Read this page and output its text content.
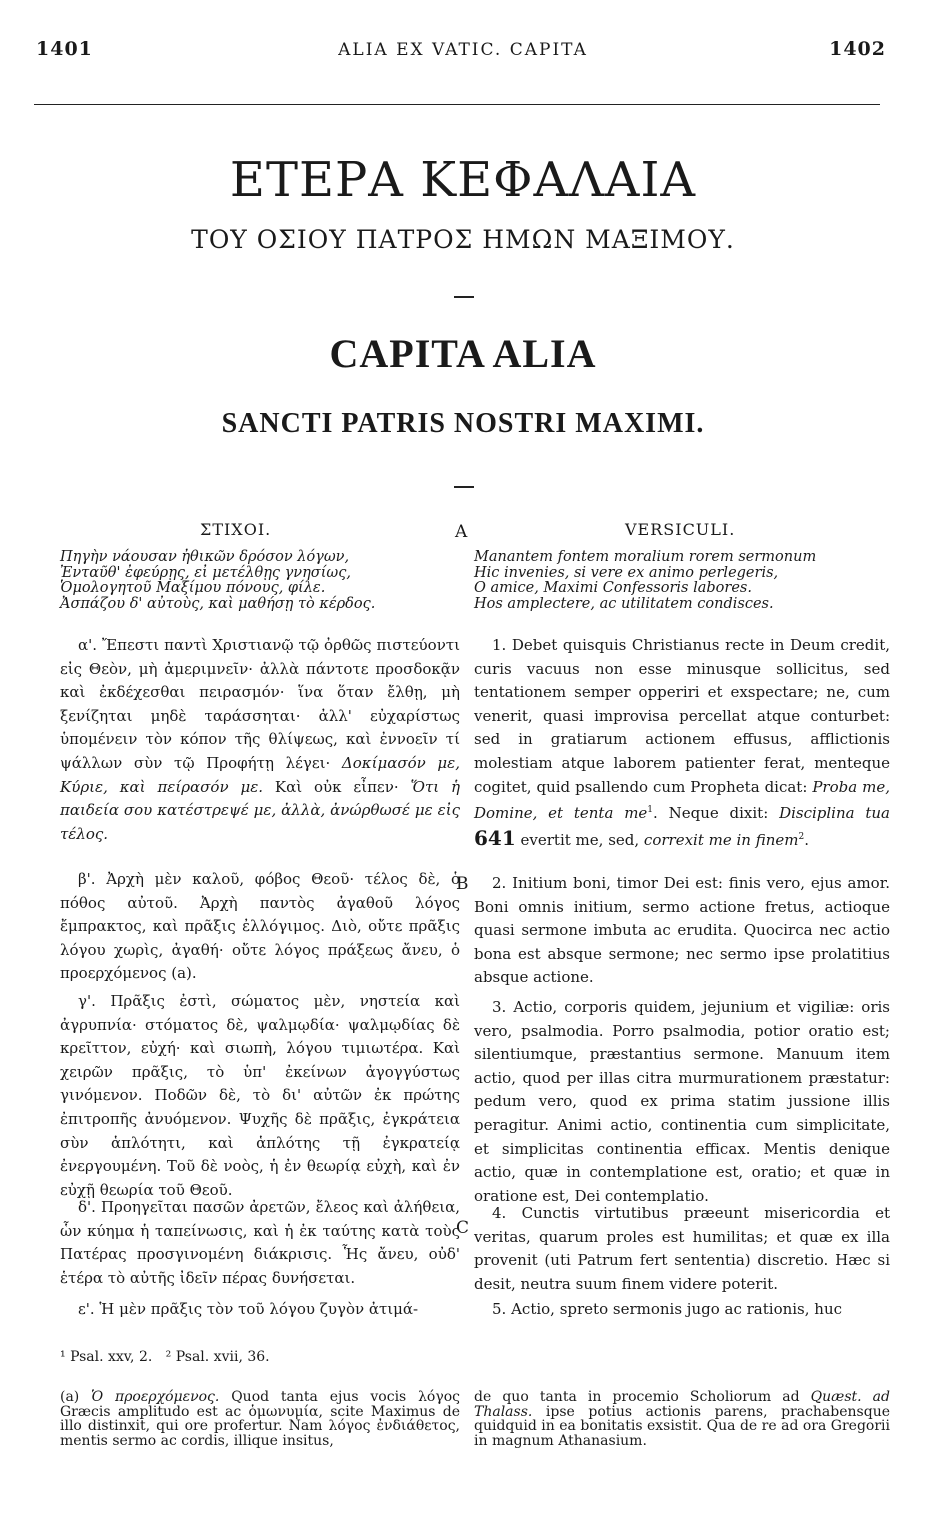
1401	ALIA EX VATIC. CAPITA	1402
ΕΤΕΡΑ ΚΕΦΑΛΑΙΑ
ΤΟΥ ΟΣΙΟΥ ΠΑΤΡΟΣ ΗΜΩΝ ΜΑΞΙΜΟΥ.
CAPITA ALIA
SANCTI PATRIS NOSTRI MAXIMI.
ΣΤΙΧΟΙ.	A	VERSICULI.
Πηγὴν νάουσαν ἠθικῶν δρόσον λόγων,
Ἐνταῦθ' ἐφεύρῃς, εἰ μετέλθῃς γνησίως,
Ὁμολογητοῦ Μαξίμου πόνους, φίλε.
Ἀσπάζου δ' αὐτοὺς, καὶ μαθήσῃ τὸ κέρδος.
Manantem fontem moralium rorem sermonum
Hic invenies, si vere ex animo perlegeris,
O amice, Maximi Confessoris labores.
Hos amplectere, ac utilitatem condisces.
α'. Ἔπεστι παντὶ Χριστιανῷ τῷ ὀρθῶς πιστεύοντι εἰς Θεὸν, μὴ ἀμεριμνεῖν· ἀλλὰ πάντοτε προσδοκᾷν καὶ ἐκδέχεσθαι πειρασμόν· ἵνα ὅταν ἔλθῃ, μὴ ξενίζηται μηδὲ ταράσσηται· ἀλλ' εὐχαρίστως ὑπομένειν τὸν κόπον τῆς θλίψεως, καὶ ἐννοεῖν τί ψάλλων σὺν τῷ Προφήτῃ λέγει· Δοκίμασόν με, Κύριε, καὶ πείρασόν με. Καὶ οὐκ εἶπεν· Ὅτι ἡ παιδεία σου κατέστρεψέ με, ἀλλὰ, ἀνώρθωσέ με εἰς τέλος.
β'. Ἀρχὴ μὲν καλοῦ, φόβος Θεοῦ· τέλος δὲ, ὁ πόθος αὐτοῦ. Ἀρχὴ παντὸς ἀγαθοῦ λόγος ἔμπρακτος, καὶ πρᾶξις ἐλλόγιμος. Διὸ, οὔτε πρᾶξις λόγου χωρὶς, ἀγαθή· οὔτε λόγος πράξεως ἄνευ, ὁ προερχόμενος (a).
γ'. Πρᾶξις ἐστὶ, σώματος μὲν, νηστεία καὶ ἀγρυπνία· στόματος δὲ, ψαλμῳδία· ψαλμῳδίας δὲ κρεῖττον, εὐχή· καὶ σιωπὴ, λόγου τιμιωτέρα. Καὶ χειρῶν πρᾶξις, τὸ ὑπ' ἐκείνων ἀγογγύστως γινόμενον. Ποδῶν δὲ, τὸ δι' αὐτῶν ἐκ πρώτης ἐπιτροπῆς ἀνυόμενον. Ψυχῆς δὲ πρᾶξις, ἐγκράτεια σὺν ἁπλότητι, καὶ ἁπλότης τῇ ἐγκρατείᾳ ἐνεργουμένη. Τοῦ δὲ νοὸς, ἡ ἐν θεωρίᾳ εὐχὴ, καὶ ἐν εὐχῇ θεωρία τοῦ Θεοῦ.
δ'. Προηγεῖται πασῶν ἀρετῶν, ἔλεος καὶ ἀλήθεια, ὧν κύημα ἡ ταπείνωσις, καὶ ἡ ἐκ ταύτης κατὰ τοὺς Πατέρας προσγινομένη διάκρισις. Ἧς ἄνευ, οὐδ' ἑτέρα τὸ αὐτῆς ἰδεῖν πέρας δυνήσεται.
ε'. Ἡ μὲν πρᾶξις τὸν τοῦ λόγου ζυγὸν ἀτιμά-
B
C
1. Debet quisquis Christianus recte in Deum credit, curis vacuus non esse minusque sollicitus, sed tentationem semper opperiri et exspectare; ne, cum venerit, quasi improvisa percellat atque conturbet: sed in gratiarum actionem effusus, afflictionis molestiam atque laborem patienter ferat, menteque cogitet, quid psallendo cum Propheta dicat: Proba me, Domine, et tenta $me^1$. Neque dixit: Disciplina tua 641 evertit me, sed, correxit me in finem$^2$.
2. Initium boni, timor Dei est: finis vero, ejus amor. Boni omnis initium, sermo actione fretus, actioque quasi sermone imbuta ac erudita. Quocirca nec actio bona est absque sermone; nec sermo ipse prolatitius absque actione.
3. Actio, corporis quidem, jejunium et vigiliæ: oris vero, psalmodia. Porro psalmodia, potior oratio est; silentiumque, præstantius sermone. Manuum item actio, quod per illas citra murmurationem præstatur: pedum vero, quod ex prima statim jussione illis peragitur. Animi actio, continentia cum simplicitate, et simplicitas continentia efficax. Mentis denique actio, quæ in contemplatione est, oratio; et quæ in oratione est, Dei contemplatio.
4. Cunctis virtutibus præeunt misericordia et veritas, quarum proles est humilitas; et quæ ex illa provenit (uti Patrum fert sententia) discretio. Hæc si desit, neutra suum finem videre poterit.
5. Actio, spreto sermonis jugo ac rationis, huc
¹ Psal. xxv, 2.   ² Psal. xvii, 36.
(a) Ὁ προερχόμενος. Quod tanta ejus vocis λόγος Græcis amplitudo est ac ὁμωνυμία, scite Maximus de illo distinxit, qui ore profertur. Nam λόγος ἐνδιάθετος, mentis sermo ac cordis, illique insitus,
de quo tanta in procemio Scholiorum ad Quæst. ad Thalass. ipse potius actionis parens, prachabensque quidquid in ea bonitatis exsistit. Qua de re ad ora Gregorii in magnum Athanasium.
